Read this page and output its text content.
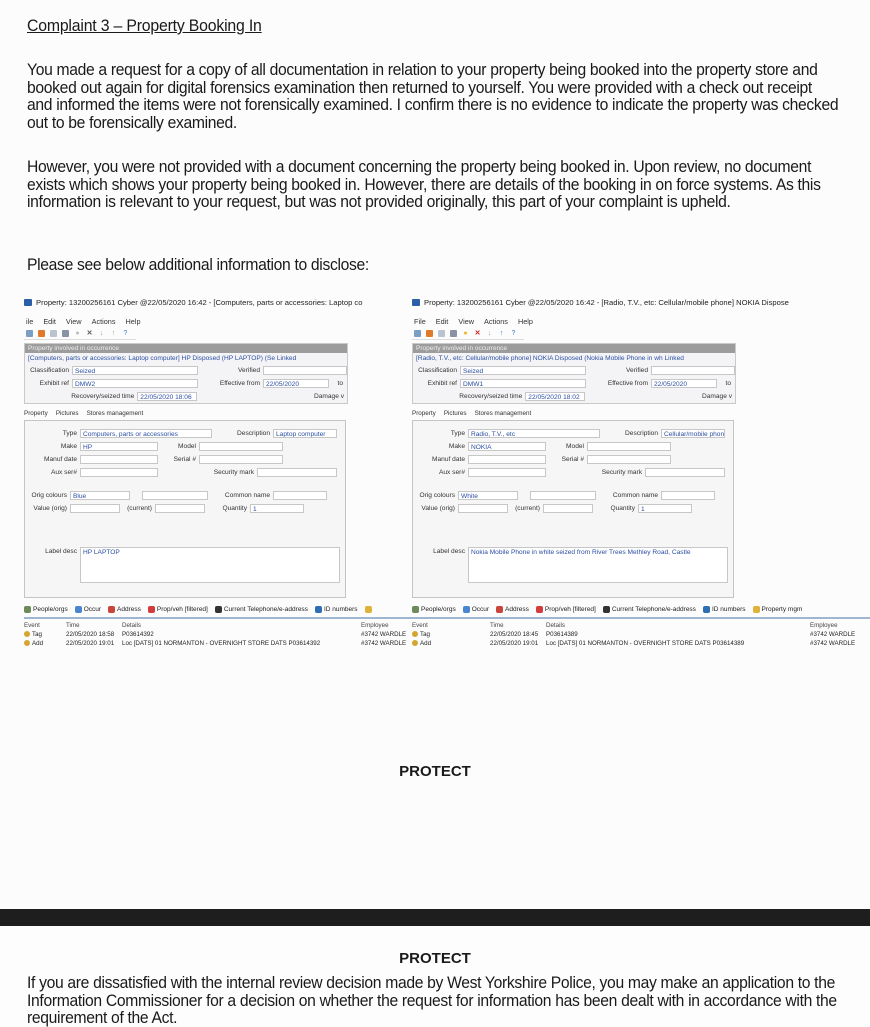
Complaint 3 – Property Booking In
You made a request for a copy of all documentation in relation to your property being booked into the property store and booked out again for digital forensics examination then returned to yourself. You were provided with a check out receipt and informed the items were not forensically examined. I confirm there is no evidence to indicate the property was checked out to be forensically examined.
However, you were not provided with a document concerning the property being booked in. Upon review, no document exists which shows your property being booked in. However, there are details of the booking in on force systems. As this information is relevant to your request, but was not provided originally, this part of your complaint is upheld.
Please see below additional information to disclose:
Property: 13200256161 Cyber @22/05/2020 16:42 - [Computers, parts or accessories: Laptop co
ile Edit View Actions Help
● ✕ ↓ ↑ ?
Property involved in occurrence
[Computers, parts or accessories: Laptop computer] HP Disposed (HP LAPTOP) (Se Linked
Classification Seized	Verified
Exhibit ref DMW2	Effective from 22/05/2020	to
Recovery/seized time 22/05/2020 18:06	Damage v
Property Pictures Stores management
Type Computers, parts or accessories	Description Laptop computer
Make HP	Model
Manuf date	Serial #
Aux ser#	Security mark
Orig colours Blue	Common name
Value (orig)	(current)	Quantity 1
Label desc HP LAPTOP
People/orgs Occur Address Prop/veh [filtered] Current Telephone/e-address ID numbers
Event	Time	Details	Employee
Tag	22/05/2020 18:58	P03614392	#3742 WARDLE
Add	22/05/2020 19:01	Loc [DATS] 01 NORMANTON - OVERNIGHT STORE DATS P03614392	#3742 WARDLE
Property: 13200256161 Cyber @22/05/2020 16:42 - [Radio, T.V., etc: Cellular/mobile phone] NOKIA Dispose
File Edit View Actions Help
● ✕ ↓ ↑ ?
Property involved in occurrence
[Radio, T.V., etc: Cellular/mobile phone] NOKIA Disposed (Nokia Mobile Phone in wh Linked
Classification Seized	Verified
Exhibit ref DMW1	Effective from 22/05/2020	to
Recovery/seized time 22/05/2020 18:02	Damage v
Property Pictures Stores management
Type Radio, T.V., etc	Description Cellular/mobile phon
Make NOKIA	Model
Manuf date	Serial #
Aux ser#	Security mark
Orig colours White	Common name
Value (orig)	(current)	Quantity 1
Label desc Nokia Mobile Phone in white seized from River Trees Methley Road, Castle
People/orgs Occur Address Prop/veh [filtered] Current Telephone/e-address ID numbers Property mgm
Event	Time	Details	Employee
Tag	22/05/2020 18:45	P03614389	#3742 WARDLE
Add	22/05/2020 19:01	Loc [DATS] 01 NORMANTON - OVERNIGHT STORE DATS P03614389	#3742 WARDLE
PROTECT
PROTECT
If you are dissatisfied with the internal review decision made by West Yorkshire Police, you may make an application to the Information Commissioner for a decision on whether the request for information has been dealt with in accordance with the requirement of the Act.
